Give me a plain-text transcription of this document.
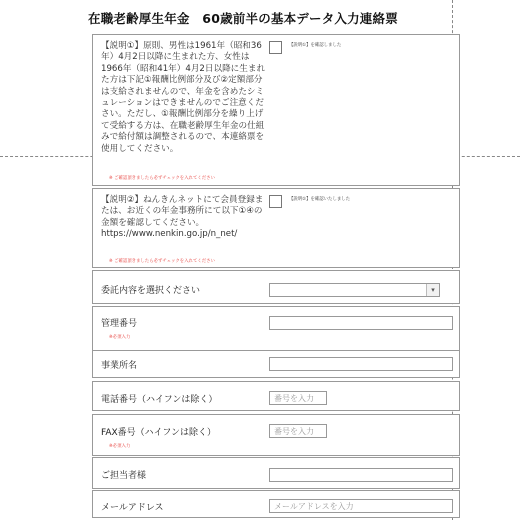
在職老齢厚生年金　60歳前半の基本データ入力連絡票
【説明①】原則、男性は1961年（昭和36年）4月2日以降に生まれた方、女性は1966年（昭和41年）4月2日以降に生まれた方は下記①報酬比例部分及び②定額部分は支給されませんので、年金を含めたシミュレーションはできませんのでご注意ください。ただし、①報酬比例部分を繰り上げて受給する方は、在職老齢厚生年金の仕組みで給付額は調整されるので、本連絡票を使用してください。
※ ご確認頂きましたら必ずチェックを入れてください
【説明①】を確認しました
【説明②】ねんきんネットにて会員登録または、お近くの年金事務所にて以下①④の金額を確認してください。
https://www.nenkin.go.jp/n_net/
※ ご確認頂きましたら必ずチェックを入れてください
【説明②】を確認いたしました
委託内容を選択ください	▾
管理番号
※必須入力
事業所名
電話番号（ハイフンは除く）
番号を入力
FAX番号（ハイフンは除く）
※必須入力
番号を入力
ご担当者様
メールアドレス
メールアドレスを入力
